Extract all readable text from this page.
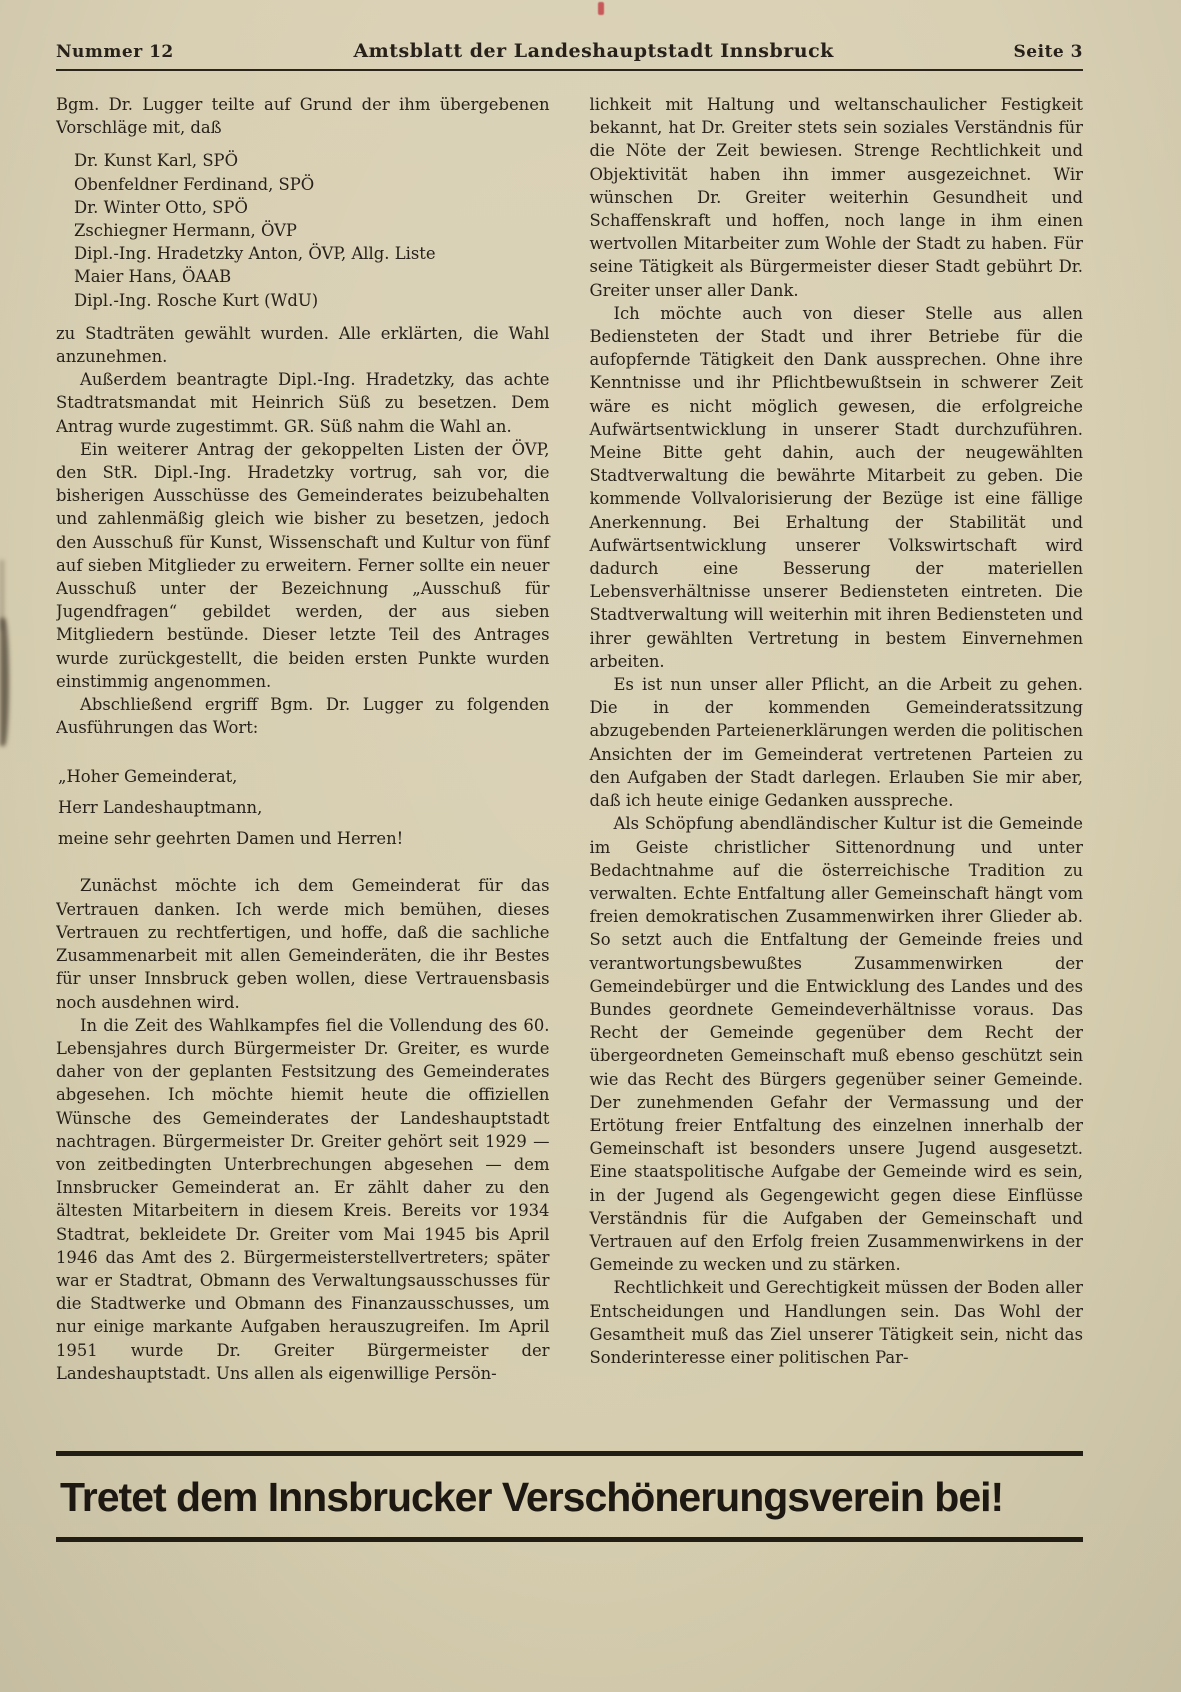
Nummer 12	Amtsblatt der Landeshauptstadt Innsbruck	Seite 3

Bgm. Dr. Lugger teilte auf Grund der ihm übergebenen Vorschläge mit, daß

Dr. Kunst Karl, SPÖ
Obenfeldner Ferdinand, SPÖ
Dr. Winter Otto, SPÖ
Zschiegner Hermann, ÖVP
Dipl.-Ing. Hradetzky Anton, ÖVP, Allg. Liste
Maier Hans, ÖAAB
Dipl.-Ing. Rosche Kurt (WdU)

zu Stadträten gewählt wurden. Alle erklärten, die Wahl anzunehmen.

Außerdem beantragte Dipl.-Ing. Hradetzky, das achte Stadtratsmandat mit Heinrich Süß zu besetzen. Dem Antrag wurde zugestimmt. GR. Süß nahm die Wahl an.

Ein weiterer Antrag der gekoppelten Listen der ÖVP, den StR. Dipl.-Ing. Hradetzky vortrug, sah vor, die bisherigen Ausschüsse des Gemeinderates beizubehalten und zahlenmäßig gleich wie bisher zu besetzen, jedoch den Ausschuß für Kunst, Wissenschaft und Kultur von fünf auf sieben Mitglieder zu erweitern. Ferner sollte ein neuer Ausschuß unter der Bezeichnung „Ausschuß für Jugendfragen“ gebildet werden, der aus sieben Mitgliedern bestünde. Dieser letzte Teil des Antrages wurde zurückgestellt, die beiden ersten Punkte wurden einstimmig angenommen.

Abschließend ergriff Bgm. Dr. Lugger zu folgenden Ausführungen das Wort:

„Hoher Gemeinderat,
Herr Landeshauptmann,
meine sehr geehrten Damen und Herren!

Zunächst möchte ich dem Gemeinderat für das Vertrauen danken. Ich werde mich bemühen, dieses Vertrauen zu rechtfertigen, und hoffe, daß die sachliche Zusammenarbeit mit allen Gemeinderäten, die ihr Bestes für unser Innsbruck geben wollen, diese Vertrauensbasis noch ausdehnen wird.

In die Zeit des Wahlkampfes fiel die Vollendung des 60. Lebensjahres durch Bürgermeister Dr. Greiter, es wurde daher von der geplanten Festsitzung des Gemeinderates abgesehen. Ich möchte hiemit heute die offiziellen Wünsche des Gemeinderates der Landeshauptstadt nachtragen. Bürgermeister Dr. Greiter gehört seit 1929 — von zeitbedingten Unterbrechungen abgesehen — dem Innsbrucker Gemeinderat an. Er zählt daher zu den ältesten Mitarbeitern in diesem Kreis. Bereits vor 1934 Stadtrat, bekleidete Dr. Greiter vom Mai 1945 bis April 1946 das Amt des 2. Bürgermeisterstellvertreters; später war er Stadtrat, Obmann des Verwaltungsausschusses für die Stadtwerke und Obmann des Finanzausschusses, um nur einige markante Aufgaben herauszugreifen. Im April 1951 wurde Dr. Greiter Bürgermeister der Landeshauptstadt. Uns allen als eigenwillige Persön-

lichkeit mit Haltung und weltanschaulicher Festigkeit bekannt, hat Dr. Greiter stets sein soziales Verständnis für die Nöte der Zeit bewiesen. Strenge Rechtlichkeit und Objektivität haben ihn immer ausgezeichnet. Wir wünschen Dr. Greiter weiterhin Gesundheit und Schaffenskraft und hoffen, noch lange in ihm einen wertvollen Mitarbeiter zum Wohle der Stadt zu haben. Für seine Tätigkeit als Bürgermeister dieser Stadt gebührt Dr. Greiter unser aller Dank.

Ich möchte auch von dieser Stelle aus allen Bediensteten der Stadt und ihrer Betriebe für die aufopfernde Tätigkeit den Dank aussprechen. Ohne ihre Kenntnisse und ihr Pflichtbewußtsein in schwerer Zeit wäre es nicht möglich gewesen, die erfolgreiche Aufwärtsentwicklung in unserer Stadt durchzuführen. Meine Bitte geht dahin, auch der neugewählten Stadtverwaltung die bewährte Mitarbeit zu geben. Die kommende Vollvalorisierung der Bezüge ist eine fällige Anerkennung. Bei Erhaltung der Stabilität und Aufwärtsentwicklung unserer Volkswirtschaft wird dadurch eine Besserung der materiellen Lebensverhältnisse unserer Bediensteten eintreten. Die Stadtverwaltung will weiterhin mit ihren Bediensteten und ihrer gewählten Vertretung in bestem Einvernehmen arbeiten.

Es ist nun unser aller Pflicht, an die Arbeit zu gehen. Die in der kommenden Gemeinderatssitzung abzugebenden Parteienerklärungen werden die politischen Ansichten der im Gemeinderat vertretenen Parteien zu den Aufgaben der Stadt darlegen. Erlauben Sie mir aber, daß ich heute einige Gedanken ausspreche.

Als Schöpfung abendländischer Kultur ist die Gemeinde im Geiste christlicher Sittenordnung und unter Bedachtnahme auf die österreichische Tradition zu verwalten. Echte Entfaltung aller Gemeinschaft hängt vom freien demokratischen Zusammenwirken ihrer Glieder ab. So setzt auch die Entfaltung der Gemeinde freies und verantwortungsbewußtes Zusammenwirken der Gemeindebürger und die Entwicklung des Landes und des Bundes geordnete Gemeindeverhältnisse voraus. Das Recht der Gemeinde gegenüber dem Recht der übergeordneten Gemeinschaft muß ebenso geschützt sein wie das Recht des Bürgers gegenüber seiner Gemeinde. Der zunehmenden Gefahr der Vermassung und der Ertötung freier Entfaltung des einzelnen innerhalb der Gemeinschaft ist besonders unsere Jugend ausgesetzt. Eine staatspolitische Aufgabe der Gemeinde wird es sein, in der Jugend als Gegengewicht gegen diese Einflüsse Verständnis für die Aufgaben der Gemeinschaft und Vertrauen auf den Erfolg freien Zusammenwirkens in der Gemeinde zu wecken und zu stärken.

Rechtlichkeit und Gerechtigkeit müssen der Boden aller Entscheidungen und Handlungen sein. Das Wohl der Gesamtheit muß das Ziel unserer Tätigkeit sein, nicht das Sonderinteresse einer politischen Par-

Tretet dem Innsbrucker Verschönerungsverein bei!
